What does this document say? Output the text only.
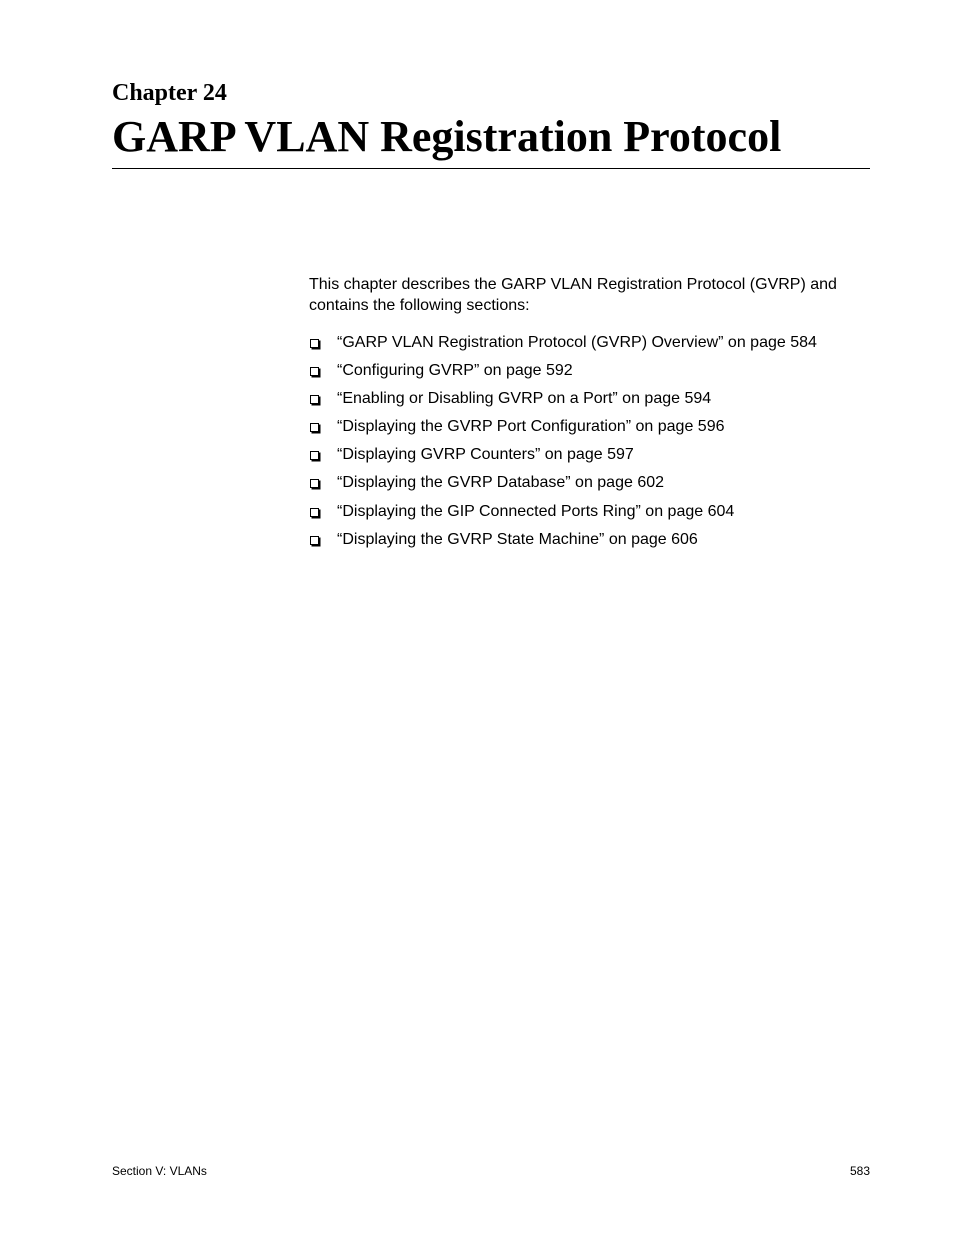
Chapter 24
GARP VLAN Registration Protocol

This chapter describes the GARP VLAN Registration Protocol (GVRP) and contains the following sections:

“GARP VLAN Registration Protocol (GVRP) Overview” on page 584
“Configuring GVRP” on page 592
“Enabling or Disabling GVRP on a Port” on page 594
“Displaying the GVRP Port Configuration” on page 596
“Displaying GVRP Counters” on page 597
“Displaying the GVRP Database” on page 602
“Displaying the GIP Connected Ports Ring” on page 604
“Displaying the GVRP State Machine” on page 606
Section V: VLANs	583
